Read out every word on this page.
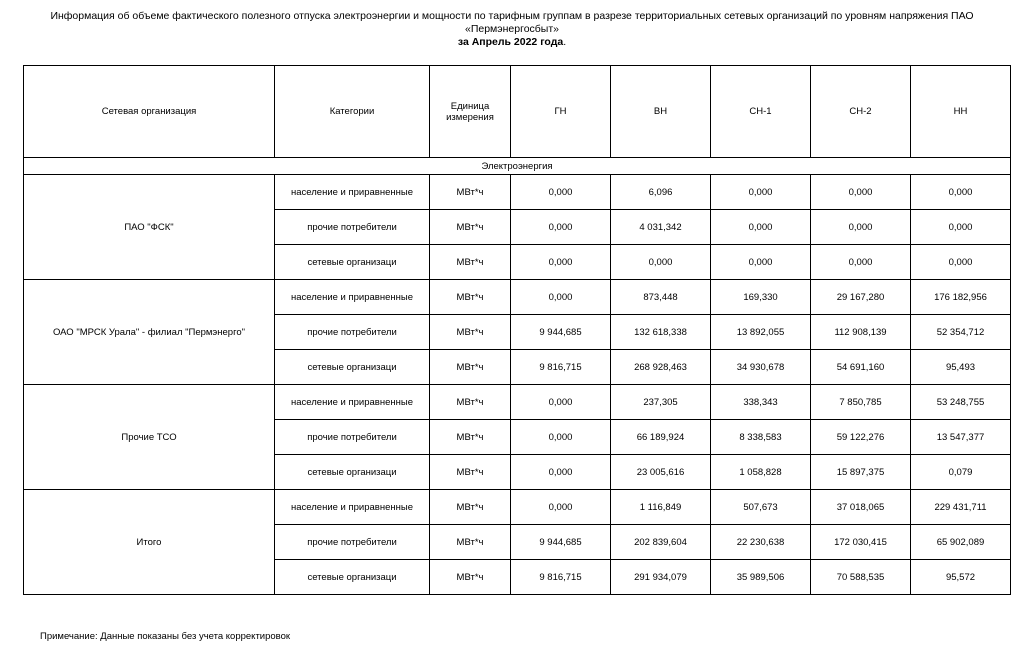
Информация об объеме фактического полезного отпуска электроэнергии и мощности по тарифным группам в разрезе территориальных сетевых организаций по уровням напряжения ПАО
«Пермэнергосбыт»
за Апрель 2022 года.
Сетевая организация	Категории	Единица измерения	ГН	ВН	СН-1	СН-2	НН
Электроэнергия							
ПАО "ФСК"	население и приравненные	МВт*ч	0,000	6,096	0,000	0,000	0,000
	прочие потребители	МВт*ч	0,000	4 031,342	0,000	0,000	0,000
	сетевые организаци	МВт*ч	0,000	0,000	0,000	0,000	0,000
ОАО "МРСК Урала" - филиал "Пермэнерго"	население и приравненные	МВт*ч	0,000	873,448	169,330	29 167,280	176 182,956
	прочие потребители	МВт*ч	9 944,685	132 618,338	13 892,055	112 908,139	52 354,712
	сетевые организаци	МВт*ч	9 816,715	268 928,463	34 930,678	54 691,160	95,493
Прочие ТСО	население и приравненные	МВт*ч	0,000	237,305	338,343	7 850,785	53 248,755
	прочие потребители	МВт*ч	0,000	66 189,924	8 338,583	59 122,276	13 547,377
	сетевые организаци	МВт*ч	0,000	23 005,616	1 058,828	15 897,375	0,079
Итого	население и приравненные	МВт*ч	0,000	1 116,849	507,673	37 018,065	229 431,711
	прочие потребители	МВт*ч	9 944,685	202 839,604	22 230,638	172 030,415	65 902,089
	сетевые организаци	МВт*ч	9 816,715	291 934,079	35 989,506	70 588,535	95,572
Примечание: Данные показаны без учета корректировок
